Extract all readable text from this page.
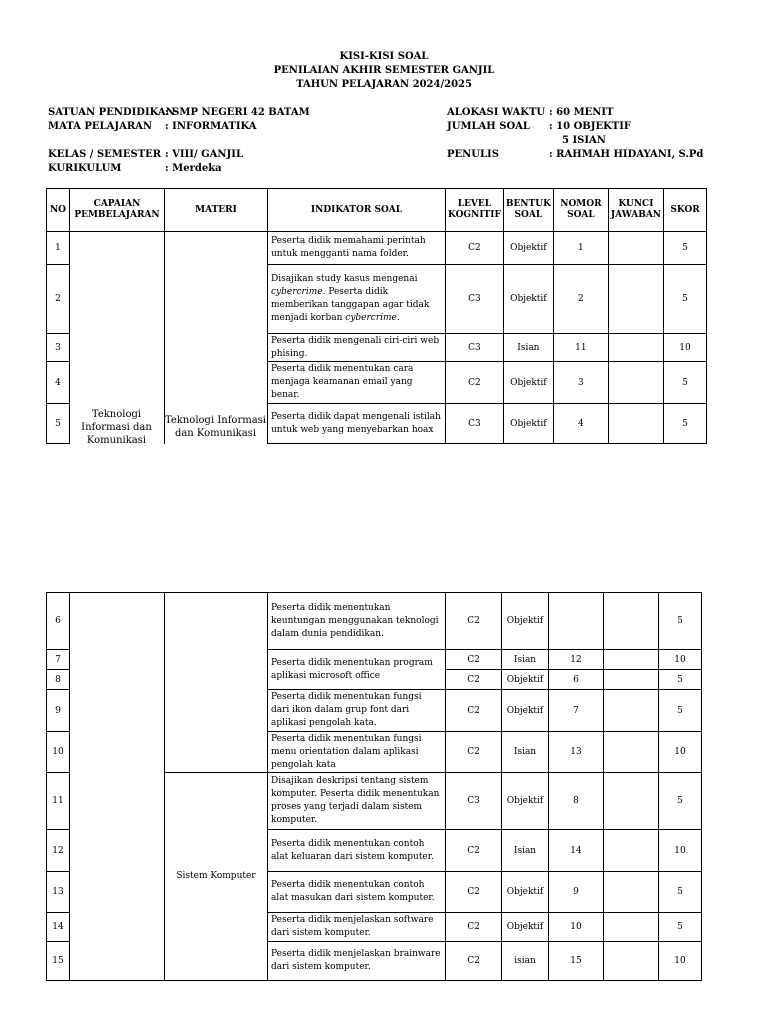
KISI-KISI SOAL
PENILAIAN AKHIR SEMESTER GANJIL
TAHUN PELAJARAN 2024/2025
SATUAN PENDIDIKAN
: SMP NEGERI 42 BATAM
MATA PELAJARAN : INFORMATIKA
KELAS / SEMESTER : VIII/ GANJIL
KURIKULUM	: Merdeka
ALOKASI WAKTU : 60 MENIT
JUMLAH SOAL : 10 OBJEKTIF
5 ISIAN
PENULIS	: RAHMAH HIDAYANI, S.Pd
NO	CAPAIAN PEMBELAJARAN	MATERI	INDIKATOR SOAL	LEVEL KOGNITIF	BENTUK SOAL	NOMOR SOAL	KUNCI JAWABAN	SKOR
1			Peserta didik memahami perintah untuk mengganti nama folder.	C2	Objektif	1		5
2			Disajikan study kasus mengenai cybercrime. Peserta didik memberikan tanggapan agar tidak menjadi korban cybercrime.	C3	Objektif	2		5
3			Peserta didik mengenali ciri-ciri web phising.	C3	Isian	11		10
4			Peserta didik menentukan cara menjaga keamanan email yang benar.	C2	Objektif	3		5
5			Peserta didik dapat mengenali istilah untuk web yang menyebarkan hoax	C3	Objektif	4		5
Teknologi Informasi dan Komunikasi
Teknologi Informasi dan Komunikasi
6			Peserta didik menentukan keuntungan menggunakan teknologi dalam dunia pendidikan.	C2	Objektif			5
7			Peserta didik menentukan program aplikasi microsoft office	C2	Isian	12		10
8				C2	Objektif	6		5
9			Peserta didik menentukan fungsi dari ikon dalam grup font dari aplikasi pengolah kata.	C2	Objektif	7		5
10			Peserta didik menentukan fungsi menu orientation dalam aplikasi pengolah kata	C2	Isian	13		10
11		Sistem Komputer	Disajikan deskripsi tentang sistem komputer. Peserta didik menentukan proses yang terjadi dalam sistem komputer.	C3	Objektif	8		5
12			Peserta didik menentukan contoh alat keluaran dari sistem komputer.	C2	Isian	14		10
13			Peserta didik menentukan contoh alat masukan dari sistem komputer.	C2	Objektif	9		5
14			Peserta didik menjelaskan software dari sistem komputer.	C2	Objektif	10		5
15			Peserta didik menjelaskan brainware dari sistem komputer.	C2	isian	15		10
